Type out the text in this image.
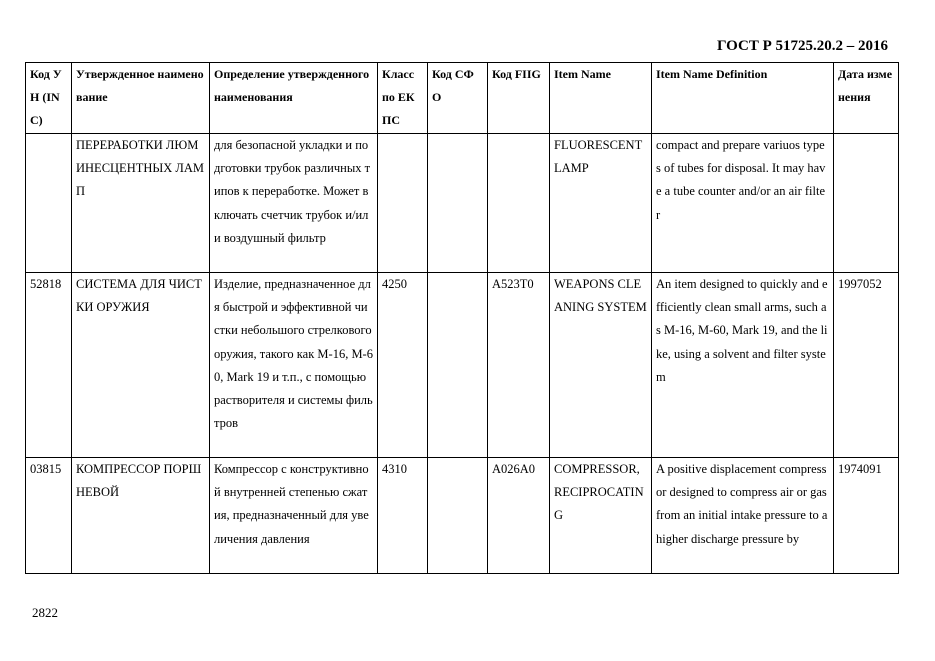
ГОСТ Р 51725.20.2 – 2016
Код УН (INC)	Утвержденное наименование	Определение утвержденного наименования	Класс по ЕКПС	Код СФО	Код FIIG	Item Name	Item Name Definition	Дата изменения
	ПЕРЕРАБОТКИ ЛЮМИНЕСЦЕНТНЫХ ЛАМП	для безопасной укладки и подготовки трубок различных типов к переработке. Может включать счетчик трубок и/или воздушный фильтр				FLUORESCENT LAMP	compact and prepare variuos types of tubes for disposal. It may have a tube counter and/or an air filter	
52818	СИСТЕМА ДЛЯ ЧИСТКИ ОРУЖИЯ	Изделие, предназначенное для быстрой и эффективной чистки небольшого стрелкового оружия, такого как М-16, М-60, Mark 19 и т.п., с помощью растворителя и системы фильтров	4250		A523T0	WEAPONS CLEANING SYSTEM	An item designed to quickly and efficiently clean small arms, such as M-16, M-60, Mark 19, and the like, using a solvent and filter system	1997052
03815	КОМПРЕССОР ПОРШНЕВОЙ	Компрессор с конструктивной внутренней степенью сжатия, предназначенный для увеличения давления	4310		A026A0	COMPRESSOR, RECIPROCATING	A positive displacement compressor designed to compress air or gas from an initial intake pressure to a higher discharge pressure by	1974091
2822
